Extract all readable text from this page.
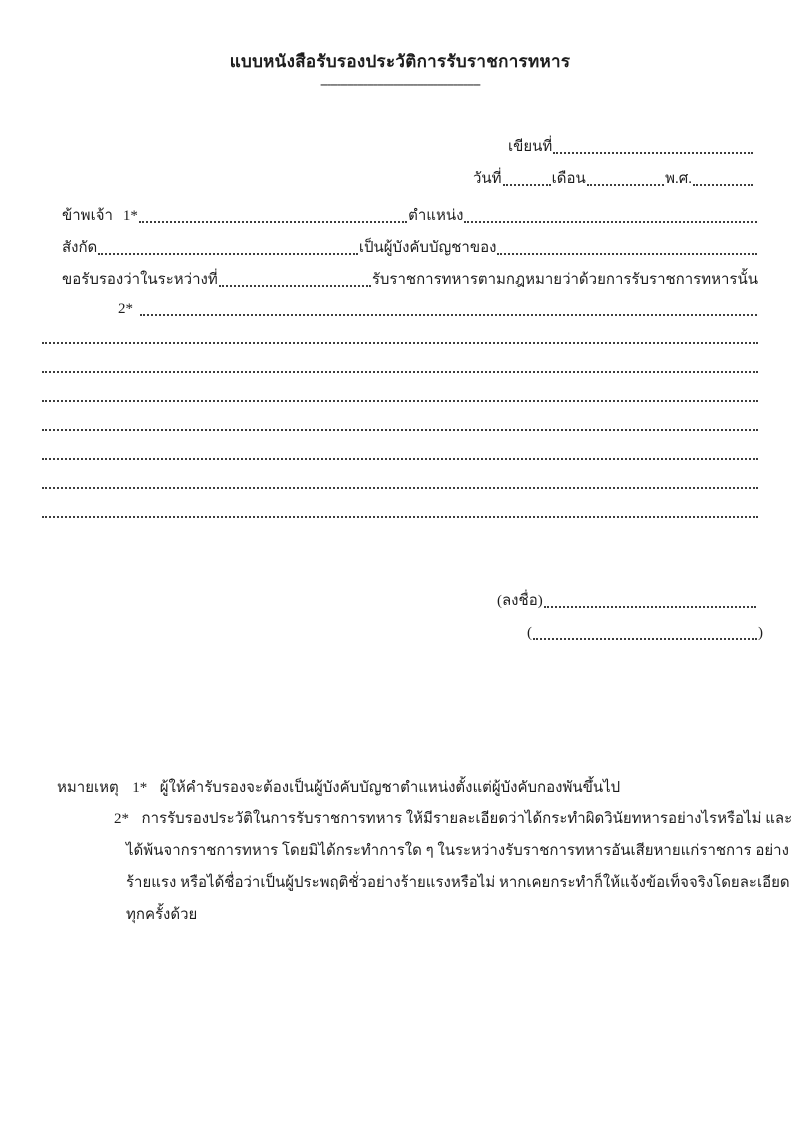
แบบหนังสือรับรองประวัติการรับราชการทหาร
------------------------------------------------
เขียนที่
วันที่	เดือน	พ.ศ.
ข้าพเจ้า 1*	ตำแหน่ง
สังกัด	เป็นผู้บังคับบัญชาของ
ขอรับรองว่าในระหว่างที่	รับราชการทหารตามกฎหมายว่าด้วยการรับราชการทหารนั้น
2*
(ลงชื่อ)
(	)
หมายเหตุ 1* ผู้ให้คำรับรองจะต้องเป็นผู้บังคับบัญชาตำแหน่งตั้งแต่ผู้บังคับกองพันขึ้นไป
2* การรับรองประวัติในการรับราชการทหาร ให้มีรายละเอียดว่าได้กระทำผิดวินัยทหารอย่างไรหรือไม่ และ
ได้พ้นจากราชการทหาร โดยมิได้กระทำการใด ๆ ในระหว่างรับราชการทหารอันเสียหายแก่ราชการ อย่าง
ร้ายแรง หรือได้ชื่อว่าเป็นผู้ประพฤติชั่วอย่างร้ายแรงหรือไม่ หากเคยกระทำก็ให้แจ้งข้อเท็จจริงโดยละเอียด
ทุกครั้งด้วย
